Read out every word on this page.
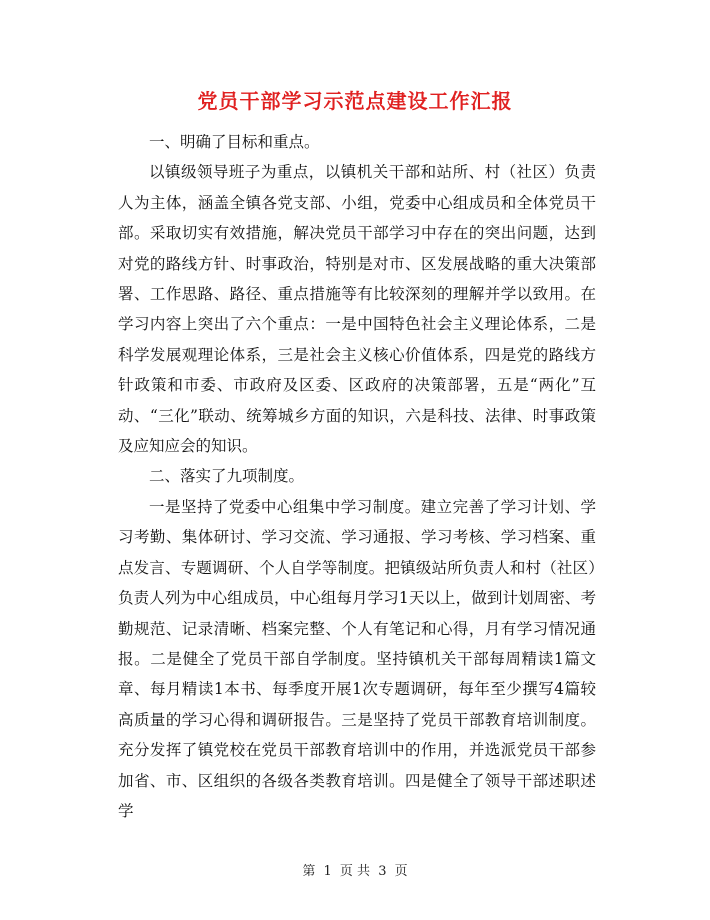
党员干部学习示范点建设工作汇报

一、明确了目标和重点。

以镇级领导班子为重点，以镇机关干部和站所、村（社区）负责人为主体，涵盖全镇各党支部、小组，党委中心组成员和全体党员干部。采取切实有效措施，解决党员干部学习中存在的突出问题，达到对党的路线方针、时事政治，特别是对市、区发展战略的重大决策部署、工作思路、路径、重点措施等有比较深刻的理解并学以致用。在学习内容上突出了六个重点：一是中国特色社会主义理论体系，二是科学发展观理论体系，三是社会主义核心价值体系，四是党的路线方针政策和市委、市政府及区委、区政府的决策部署，五是“两化”互动、“三化”联动、统筹城乡方面的知识，六是科技、法律、时事政策及应知应会的知识。

二、落实了九项制度。

一是坚持了党委中心组集中学习制度。建立完善了学习计划、学习考勤、集体研讨、学习交流、学习通报、学习考核、学习档案、重点发言、专题调研、个人自学等制度。把镇级站所负责人和村（社区）负责人列为中心组成员，中心组每月学习1天以上，做到计划周密、考勤规范、记录清晰、档案完整、个人有笔记和心得，月有学习情况通报。二是健全了党员干部自学制度。坚持镇机关干部每周精读1篇文章、每月精读1本书、每季度开展1次专题调研，每年至少撰写4篇较高质量的学习心得和调研报告。三是坚持了党员干部教育培训制度。充分发挥了镇党校在党员干部教育培训中的作用，并选派党员干部参加省、市、区组织的各级各类教育培训。四是健全了领导干部述职述学

第 1 页 共 3 页
